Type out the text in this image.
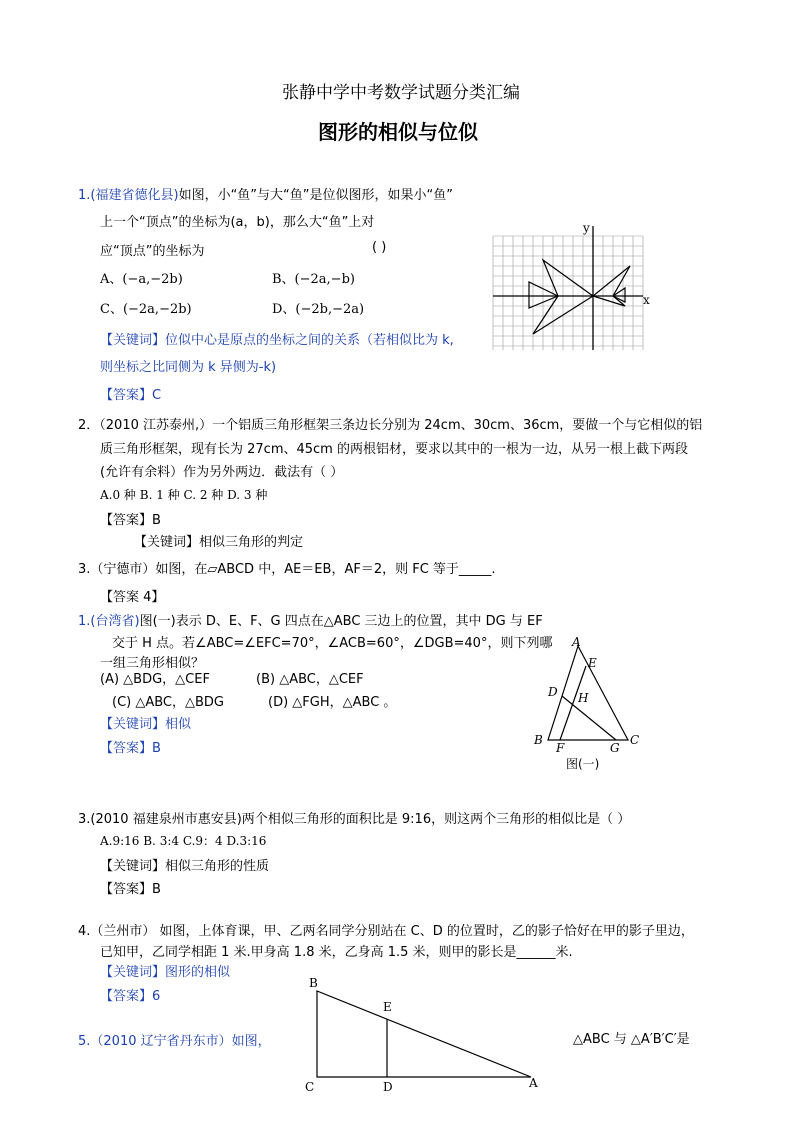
张静中学中考数学试题分类汇编
图形的相似与位似
1.(福建省德化县)如图，小“鱼”与大“鱼”是位似图形，如果小“鱼”
上一个“顶点”的坐标为(a，b)，那么大“鱼”上对
应“顶点”的坐标为	( )
A、(−a,−2b)	B、(−2a,−b)
C、(−2a,−2b)	D、(−2b,−2a)
【关键词】位似中心是原点的坐标之间的关系（若相似比为 k,
则坐标之比同侧为 k 异侧为-k)
【答案】C
y
x
2．（2010 江苏泰州,）一个铝质三角形框架三条边长分别为 24cm、30cm、36cm，要做一个与它相似的铝
质三角形框架，现有长为 27cm、45cm 的两根铝材，要求以其中的一根为一边，从另一根上截下两段
(允许有余料）作为另外两边．截法有（ ）
A.0 种 B. 1 种 C. 2 种 D. 3 种
【答案】B
【关键词】相似三角形的判定
3.（宁德市）如图，在▱ABCD 中，AE＝EB，AF＝2，则 FC 等于_____.
【答案 4】
1.(台湾省)图(一)表示 D、E、F、G 四点在△ABC 三边上的位置，其中 DG 与 EF
交于 H 点。若∠ABC=∠EFC=70°，∠ACB=60°，∠DGB=40°，则下列哪
一组三角形相似？
(A) △BDG，△CEF	(B) △ABC，△CEF
(C) △ABC，△BDG	(D) △FGH，△ABC 。
【关键词】相似
【答案】B
A
E
D H
B
F	G
C
图(一)
3.(2010 福建泉州市惠安县)两个相似三角形的面积比是 9:16，则这两个三角形的相似比是（ ）
A.9:16 B. 3:4 C.9：4 D.3:16
【关键词】相似三角形的性质
【答案】B
4.（兰州市） 如图，上体育课，甲、乙两名同学分别站在 C、D 的位置时，乙的影子恰好在甲的影子里边，
已知甲，乙同学相距 1 米.甲身高 1.8 米，乙身高 1.5 米，则甲的影长是______米.
【关键词】图形的相似
【答案】6
B
E
C	D	A
5.（2010 辽宁省丹东市）如图，	△ABC 与 △A′B′C′是
